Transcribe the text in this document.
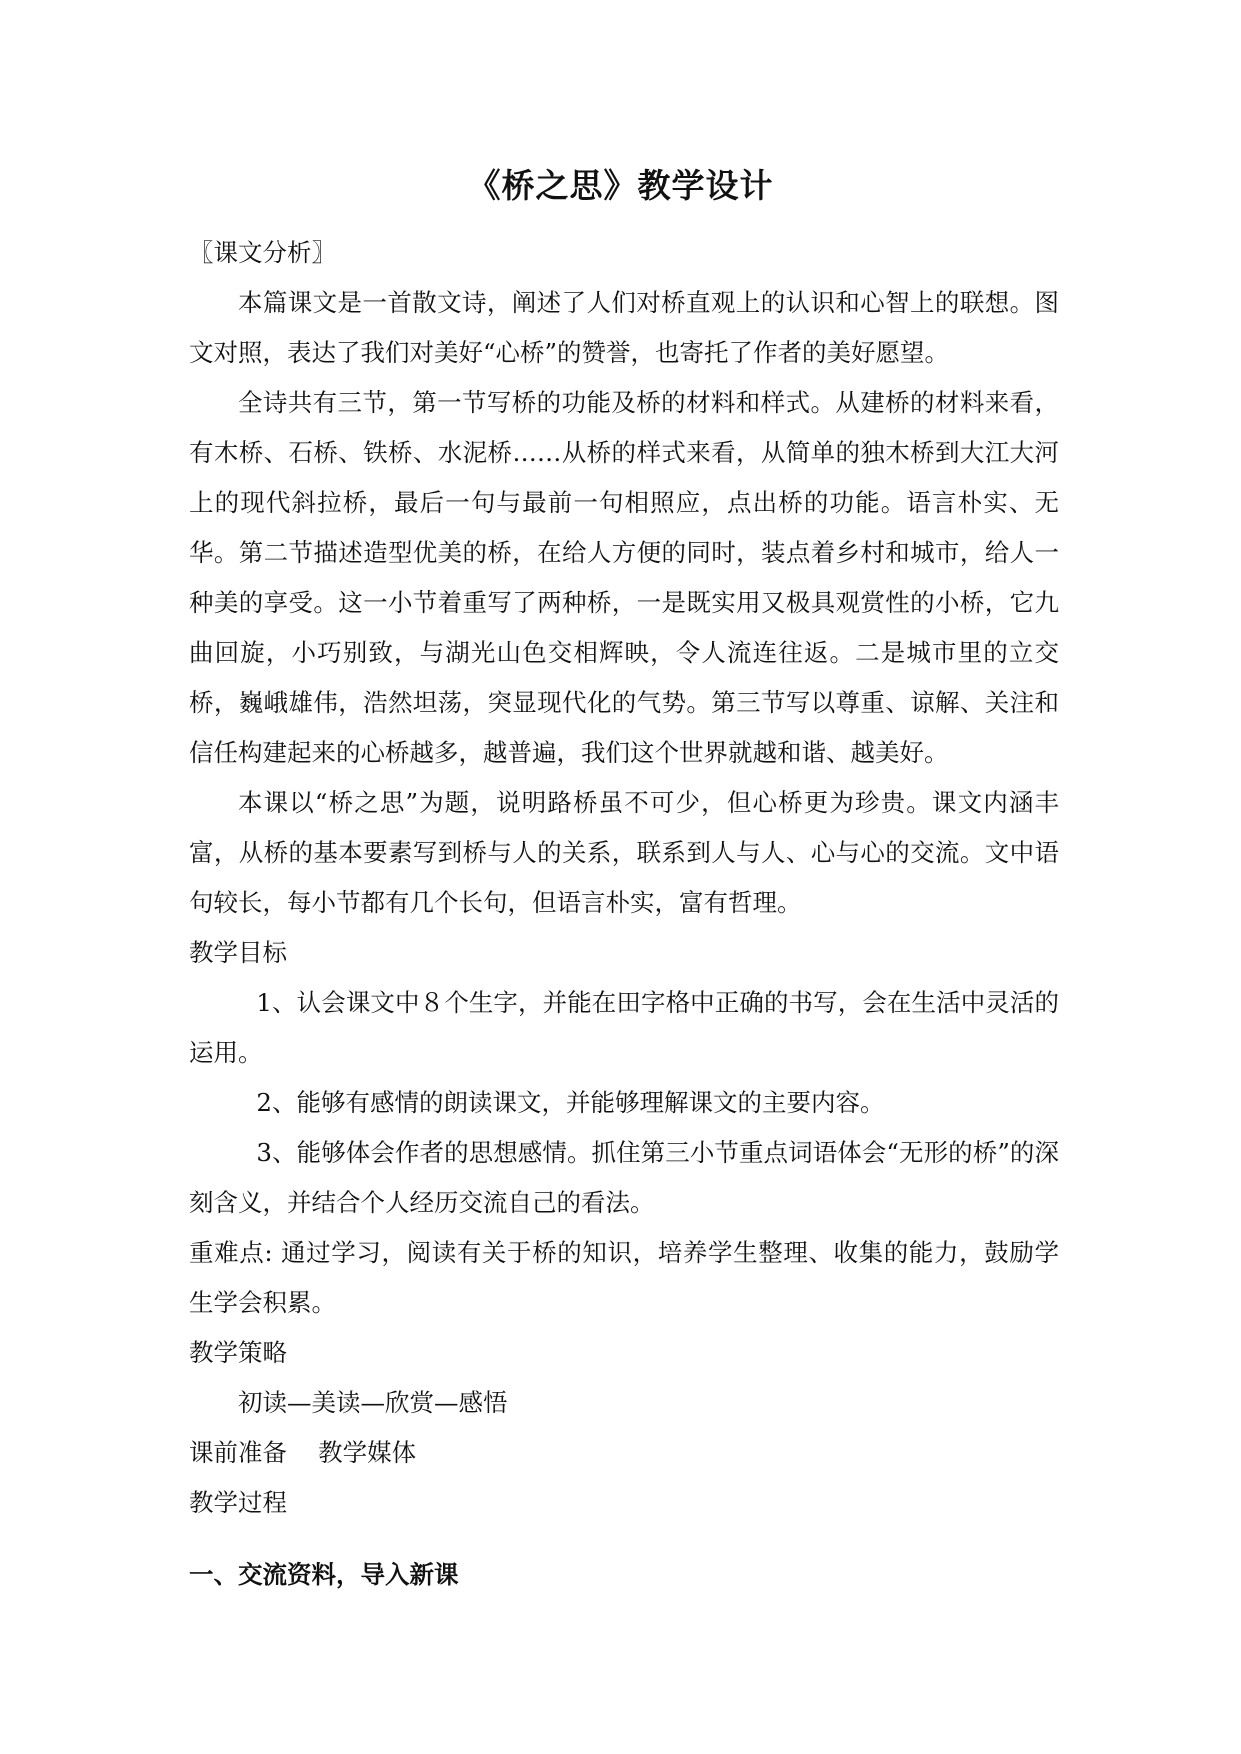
《桥之思》教学设计

〖课文分析〗

本篇课文是一首散文诗，阐述了人们对桥直观上的认识和心智上的联想。图文对照，表达了我们对美好“心桥”的赞誉，也寄托了作者的美好愿望。

全诗共有三节，第一节写桥的功能及桥的材料和样式。从建桥的材料来看，有木桥、石桥、铁桥、水泥桥……从桥的样式来看，从简单的独木桥到大江大河上的现代斜拉桥，最后一句与最前一句相照应，点出桥的功能。语言朴实、无华。第二节描述造型优美的桥，在给人方便的同时，装点着乡村和城市，给人一种美的享受。这一小节着重写了两种桥，一是既实用又极具观赏性的小桥，它九曲回旋，小巧别致，与湖光山色交相辉映，令人流连往返。二是城市里的立交桥，巍峨雄伟，浩然坦荡，突显现代化的气势。第三节写以尊重、谅解、关注和信任构建起来的心桥越多，越普遍，我们这个世界就越和谐、越美好。

本课以“桥之思”为题，说明路桥虽不可少，但心桥更为珍贵。课文内涵丰富，从桥的基本要素写到桥与人的关系，联系到人与人、心与心的交流。文中语句较长，每小节都有几个长句，但语言朴实，富有哲理。

教学目标

1、认会课文中８个生字，并能在田字格中正确的书写，会在生活中灵活的运用。

2、能够有感情的朗读课文，并能够理解课文的主要内容。

3、能够体会作者的思想感情。抓住第三小节重点词语体会“无形的桥”的深刻含义，并结合个人经历交流自己的看法。

重难点: 通过学习，阅读有关于桥的知识，培养学生整理、收集的能力，鼓励学生学会积累。

教学策略

初读—美读—欣赏—感悟

课前准备    教学媒体

教学过程

一、交流资料，导入新课
